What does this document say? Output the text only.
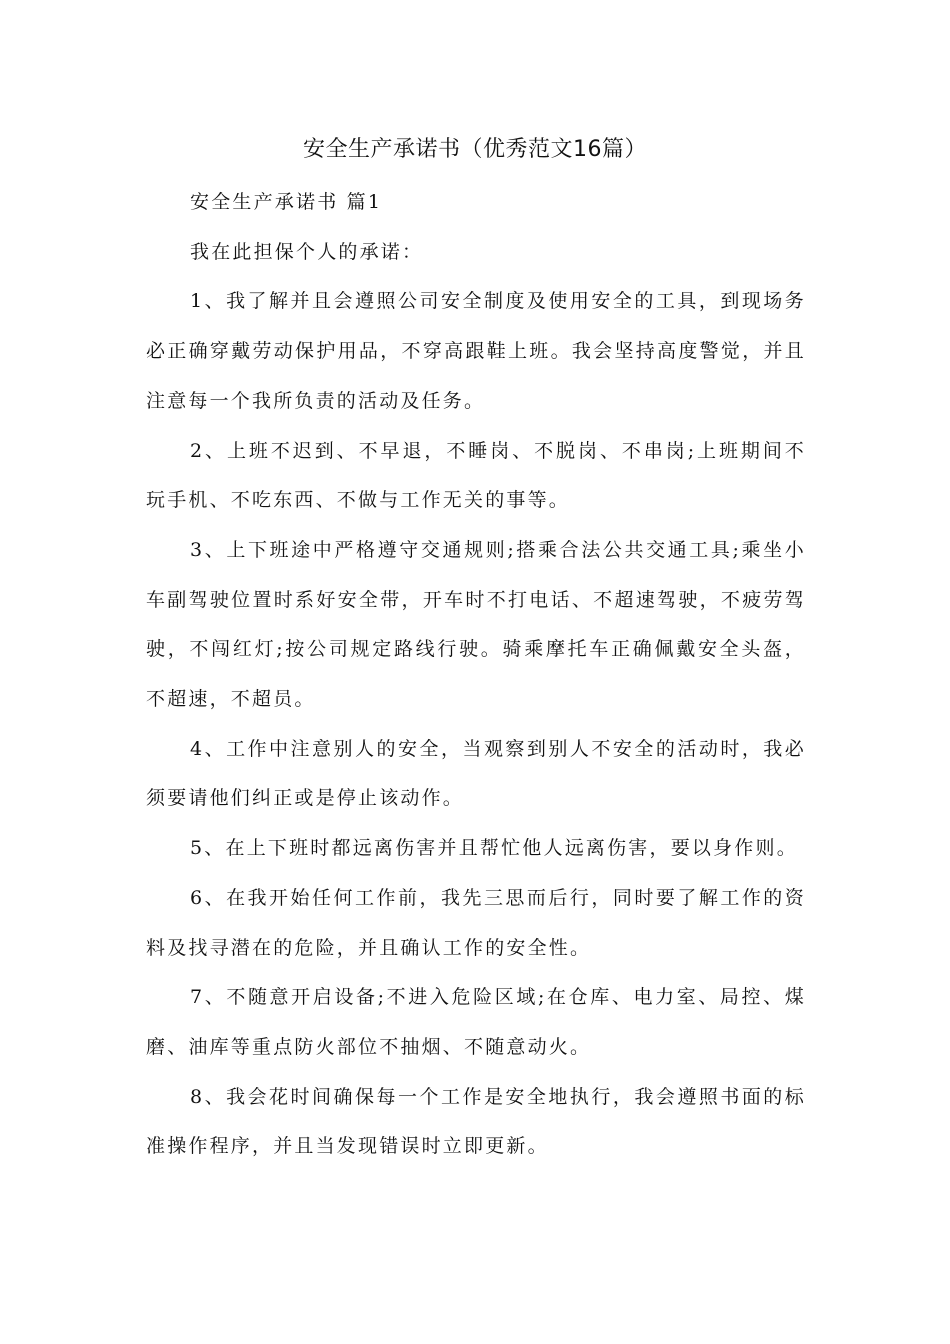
安全生产承诺书（优秀范文16篇）

安全生产承诺书 篇1

我在此担保个人的承诺：

1、我了解并且会遵照公司安全制度及使用安全的工具，到现场务必正确穿戴劳动保护用品，不穿高跟鞋上班。我会坚持高度警觉，并且注意每一个我所负责的活动及任务。

2、上班不迟到、不早退，不睡岗、不脱岗、不串岗;上班期间不玩手机、不吃东西、不做与工作无关的事等。

3、上下班途中严格遵守交通规则;搭乘合法公共交通工具;乘坐小车副驾驶位置时系好安全带，开车时不打电话、不超速驾驶，不疲劳驾驶，不闯红灯;按公司规定路线行驶。骑乘摩托车正确佩戴安全头盔，不超速，不超员。

4、工作中注意别人的安全，当观察到别人不安全的活动时，我必须要请他们纠正或是停止该动作。

5、在上下班时都远离伤害并且帮忙他人远离伤害，要以身作则。

6、在我开始任何工作前，我先三思而后行，同时要了解工作的资料及找寻潜在的危险，并且确认工作的安全性。

7、不随意开启设备;不进入危险区域;在仓库、电力室、局控、煤磨、油库等重点防火部位不抽烟、不随意动火。

8、我会花时间确保每一个工作是安全地执行，我会遵照书面的标准操作程序，并且当发现错误时立即更新。
